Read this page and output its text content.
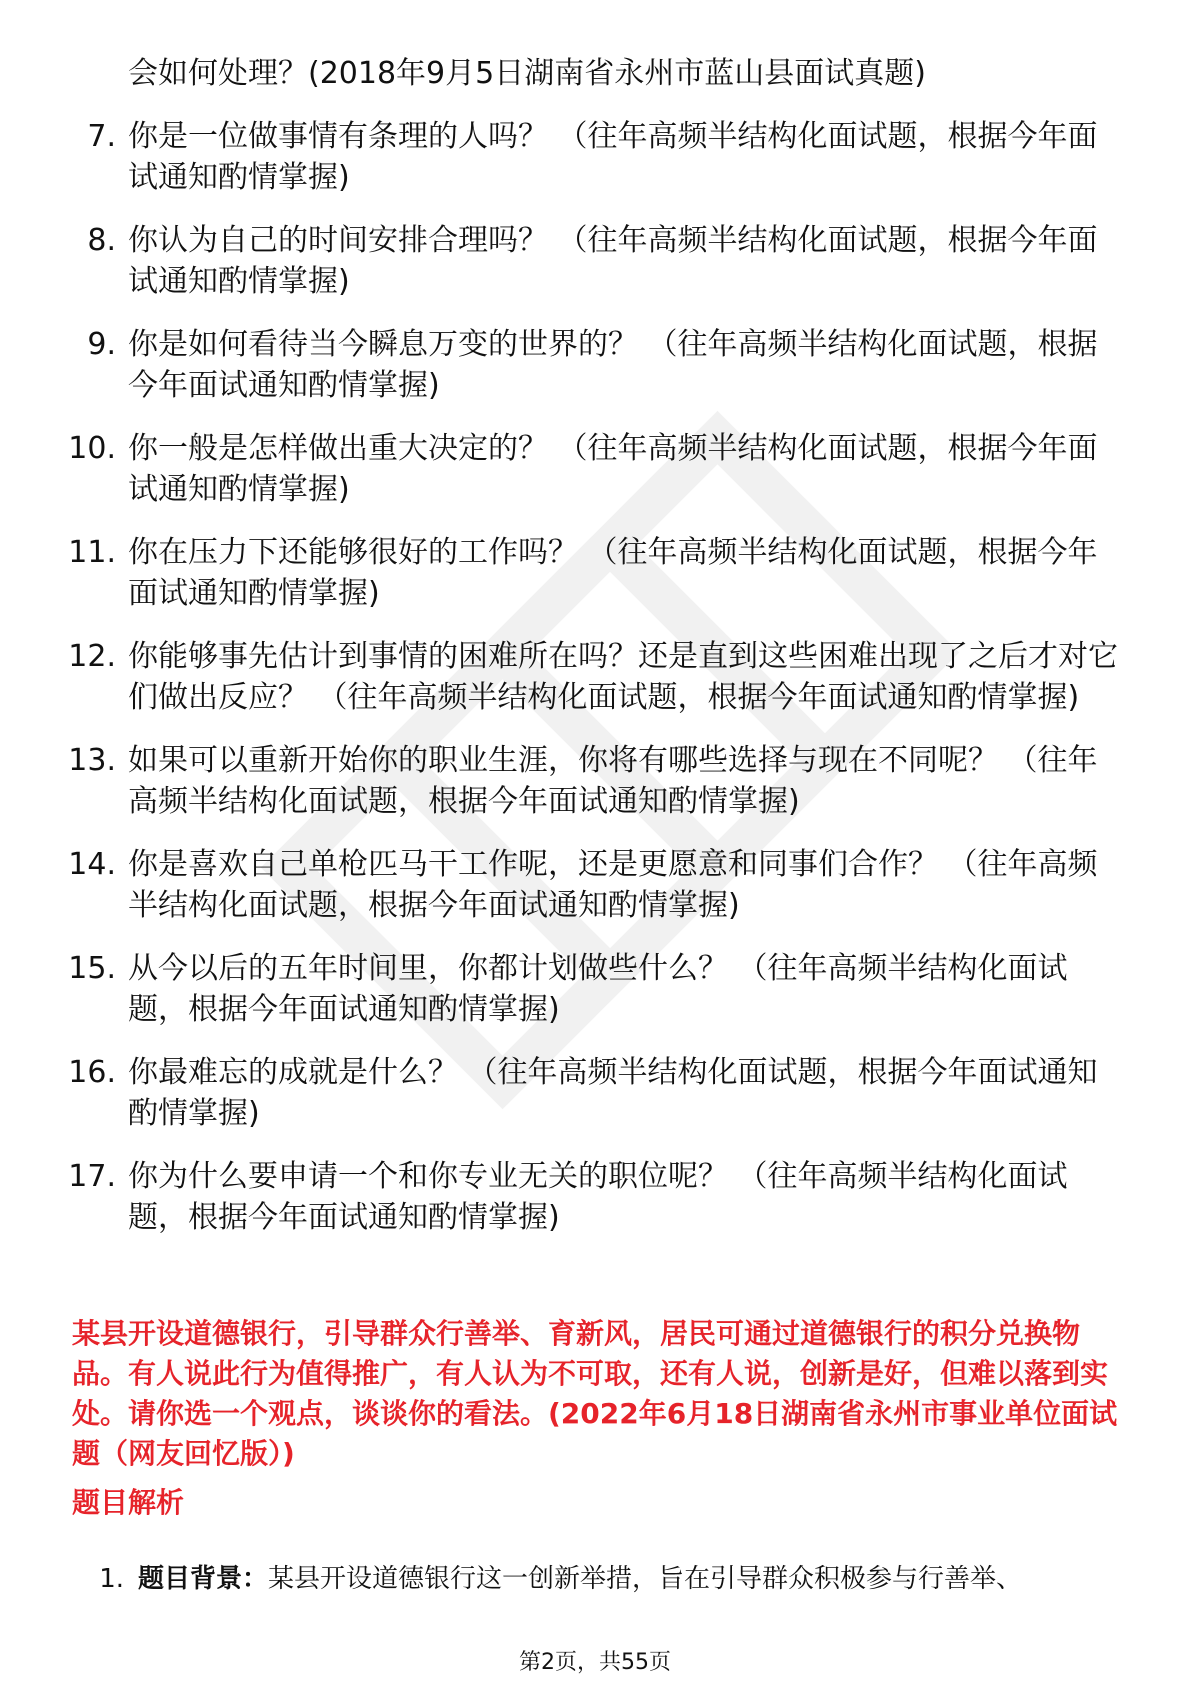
会如何处理？(2018年9月5日湖南省永州市蓝山县面试真题)
7. 你是一位做事情有条理的人吗？ （往年高频半结构化面试题，根据今年面试通知酌情掌握)
8. 你认为自己的时间安排合理吗？ （往年高频半结构化面试题，根据今年面试通知酌情掌握)
9. 你是如何看待当今瞬息万变的世界的？ （往年高频半结构化面试题，根据今年面试通知酌情掌握)
10. 你一般是怎样做出重大决定的？ （往年高频半结构化面试题，根据今年面试通知酌情掌握)
11. 你在压力下还能够很好的工作吗？ （往年高频半结构化面试题，根据今年面试通知酌情掌握)
12. 你能够事先估计到事情的困难所在吗？还是直到这些困难出现了之后才对它们做出反应？ （往年高频半结构化面试题，根据今年面试通知酌情掌握)
13. 如果可以重新开始你的职业生涯，你将有哪些选择与现在不同呢？ （往年高频半结构化面试题，根据今年面试通知酌情掌握)
14. 你是喜欢自己单枪匹马干工作呢，还是更愿意和同事们合作？ （往年高频半结构化面试题，根据今年面试通知酌情掌握)
15. 从今以后的五年时间里，你都计划做些什么？ （往年高频半结构化面试题，根据今年面试通知酌情掌握)
16. 你最难忘的成就是什么？ （往年高频半结构化面试题，根据今年面试通知酌情掌握)
17. 你为什么要申请一个和你专业无关的职位呢？ （往年高频半结构化面试题，根据今年面试通知酌情掌握)
某县开设道德银行，引导群众行善举、育新风，居民可通过道德银行的积分兑换物品。有人说此行为值得推广，有人认为不可取，还有人说，创新是好，但难以落到实处。请你选一个观点，谈谈你的看法。(2022年6月18日湖南省永州市事业单位面试题（网友回忆版）)
题目解析
1. 题目背景：某县开设道德银行这一创新举措，旨在引导群众积极参与行善举、
第2页，共55页
